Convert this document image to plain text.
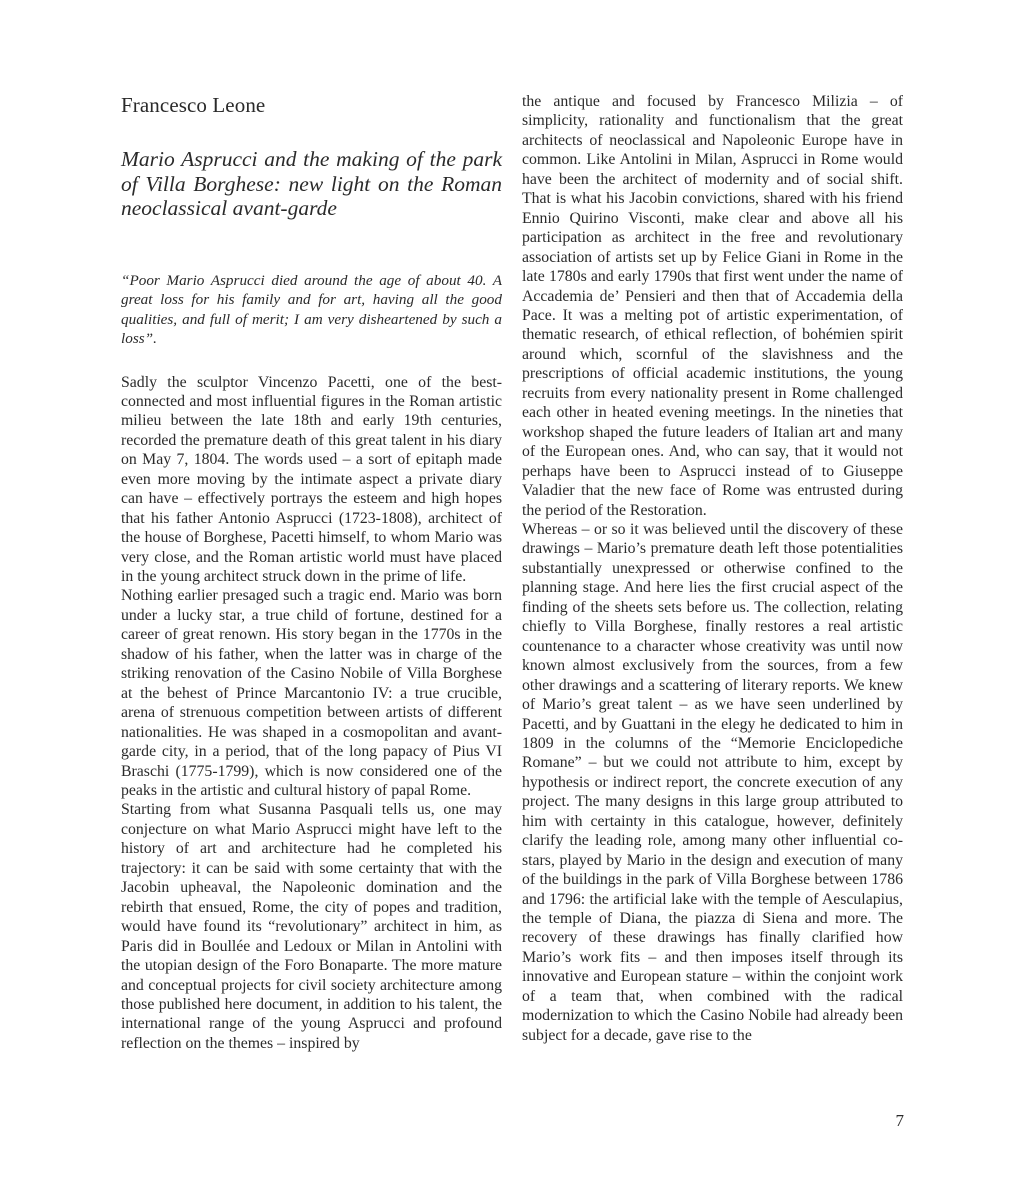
Francesco Leone
Mario Asprucci and the making of the park of Villa Borghese: new light on the Roman neoclassical avant-garde
“Poor Mario Asprucci died around the age of about 40. A great loss for his family and for art, having all the good qualities, and full of merit; I am very disheartened by such a loss”.

Sadly the sculptor Vincenzo Pacetti, one of the best-connected and most influential figures in the Roman artistic milieu between the late 18th and early 19th centuries, recorded the premature death of this great talent in his diary on May 7, 1804. The words used – a sort of epitaph made even more moving by the intimate aspect a private diary can have – effectively portrays the esteem and high hopes that his father Antonio Asprucci (1723-1808), architect of the house of Borghese, Pacetti himself, to whom Mario was very close, and the Roman artistic world must have placed in the young architect struck down in the prime of life.

Nothing earlier presaged such a tragic end. Mario was born under a lucky star, a true child of fortune, destined for a career of great renown. His story began in the 1770s in the shadow of his father, when the latter was in charge of the striking renovation of the Casino Nobile of Villa Borghese at the behest of Prince Marcantonio IV: a true crucible, arena of strenuous competition between artists of different nationalities. He was shaped in a cosmopolitan and avant-garde city, in a period, that of the long papacy of Pius VI Braschi (1775-1799), which is now considered one of the peaks in the artistic and cultural history of papal Rome.

Starting from what Susanna Pasquali tells us, one may conjecture on what Mario Asprucci might have left to the history of art and architecture had he completed his trajectory: it can be said with some certainty that with the Jacobin upheaval, the Napoleonic domination and the rebirth that ensued, Rome, the city of popes and tradition, would have found its “revolutionary” architect in him, as Paris did in Boullée and Ledoux or Milan in Antolini with the utopian design of the Foro Bonaparte. The more mature and conceptual projects for civil society architecture among those published here document, in addition to his talent, the international range of the young Asprucci and profound reflection on the themes – inspired by

the antique and focused by Francesco Milizia – of simplicity, rationality and functionalism that the great architects of neoclassical and Napoleonic Europe have in common. Like Antolini in Milan, Asprucci in Rome would have been the architect of modernity and of social shift. That is what his Jacobin convictions, shared with his friend Ennio Quirino Visconti, make clear and above all his participation as architect in the free and revolutionary association of artists set up by Felice Giani in Rome in the late 1780s and early 1790s that first went under the name of Accademia de’ Pensieri and then that of Accademia della Pace. It was a melting pot of artistic experimentation, of thematic research, of ethical reflection, of bohémien spirit around which, scornful of the slavishness and the prescriptions of official academic institutions, the young recruits from every nationality present in Rome challenged each other in heated evening meetings. In the nineties that workshop shaped the future leaders of Italian art and many of the European ones. And, who can say, that it would not perhaps have been to Asprucci instead of to Giuseppe Valadier that the new face of Rome was entrusted during the period of the Restoration.

Whereas – or so it was believed until the discovery of these drawings – Mario’s premature death left those potentialities substantially unexpressed or otherwise confined to the planning stage. And here lies the first crucial aspect of the finding of the sheets sets before us. The collection, relating chiefly to Villa Borghese, finally restores a real artistic countenance to a character whose creativity was until now known almost exclusively from the sources, from a few other drawings and a scattering of literary reports. We knew of Mario’s great talent – as we have seen underlined by Pacetti, and by Guattani in the elegy he dedicated to him in 1809 in the columns of the “Memorie Enciclopediche Romane” – but we could not attribute to him, except by hypothesis or indirect report, the concrete execution of any project. The many designs in this large group attributed to him with certainty in this catalogue, however, definitely clarify the leading role, among many other influential co-stars, played by Mario in the design and execution of many of the buildings in the park of Villa Borghese between 1786 and 1796: the artificial lake with the temple of Aesculapius, the temple of Diana, the piazza di Siena and more. The recovery of these drawings has finally clarified how Mario’s work fits – and then imposes itself through its innovative and European stature – within the conjoint work of a team that, when combined with the radical modernization to which the Casino Nobile had already been subject for a decade, gave rise to the

7
